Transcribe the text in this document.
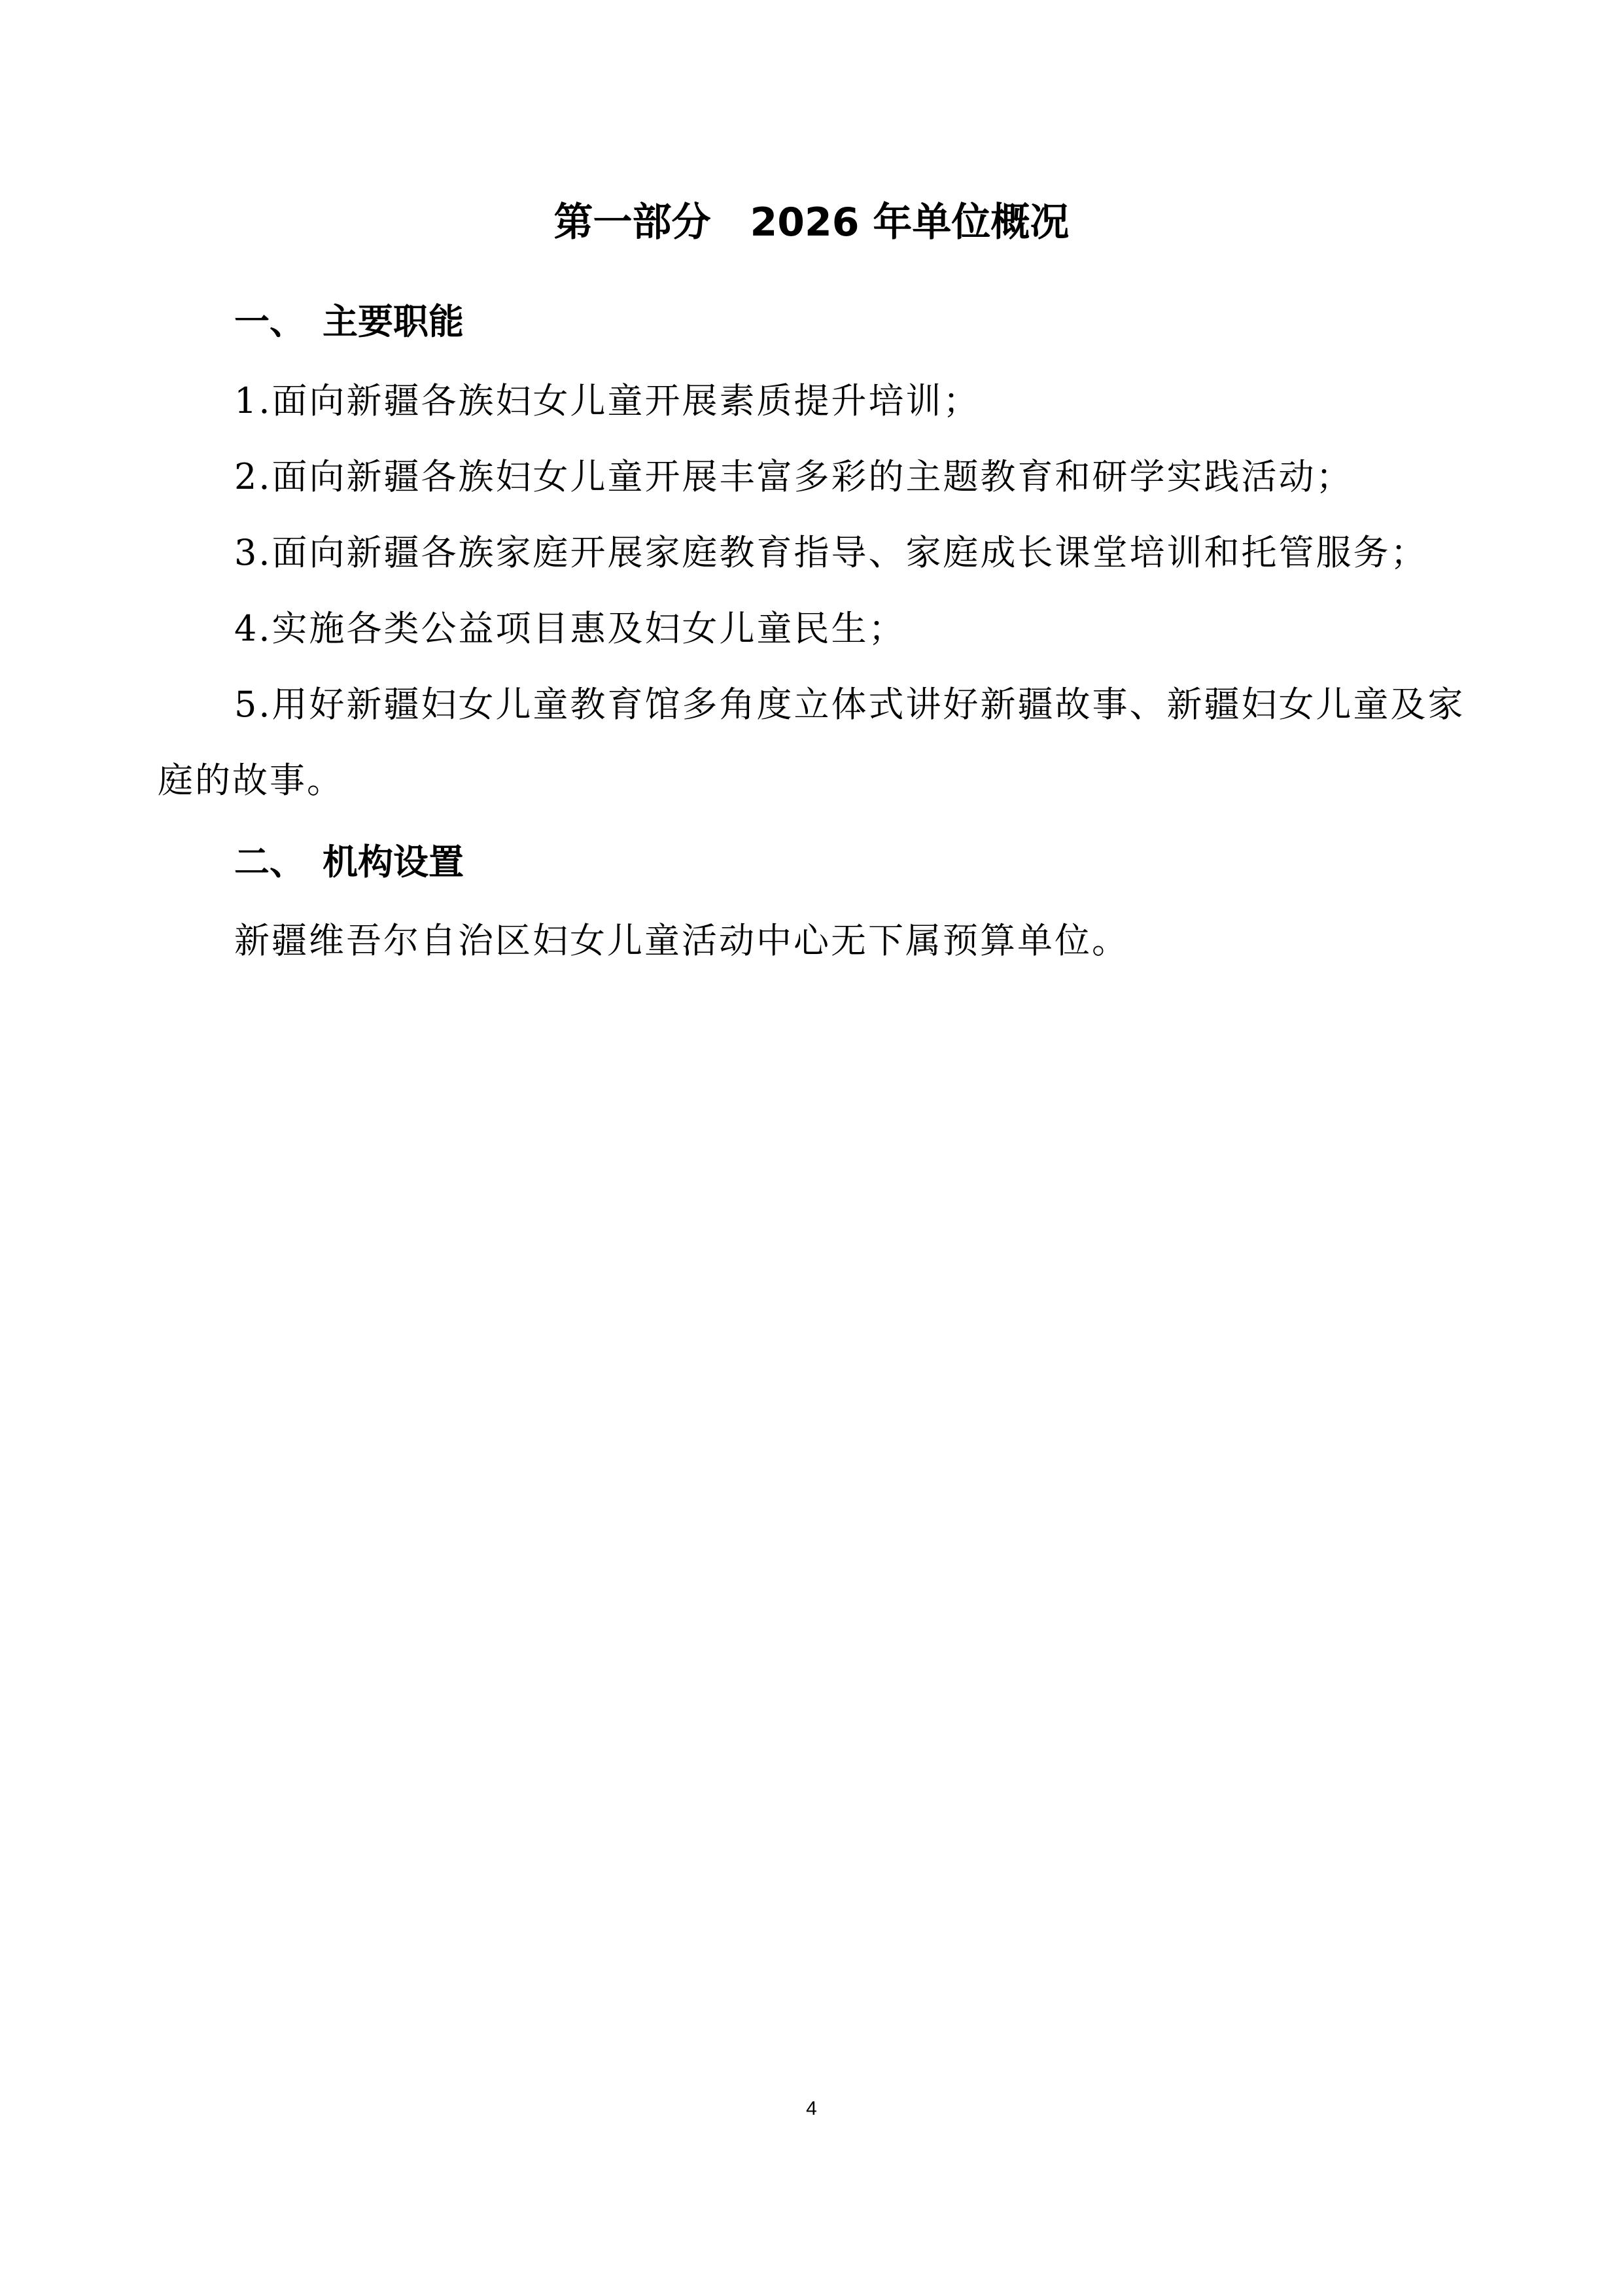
第一部分　2026 年单位概况
一、　主要职能
1.面向新疆各族妇女儿童开展素质提升培训；
2.面向新疆各族妇女儿童开展丰富多彩的主题教育和研学实践活动；
3.面向新疆各族家庭开展家庭教育指导、家庭成长课堂培训和托管服务；
4.实施各类公益项目惠及妇女儿童民生；
5.用好新疆妇女儿童教育馆多角度立体式讲好新疆故事、新疆妇女儿童及家庭的故事。
二、　机构设置
新疆维吾尔自治区妇女儿童活动中心无下属预算单位。
4
